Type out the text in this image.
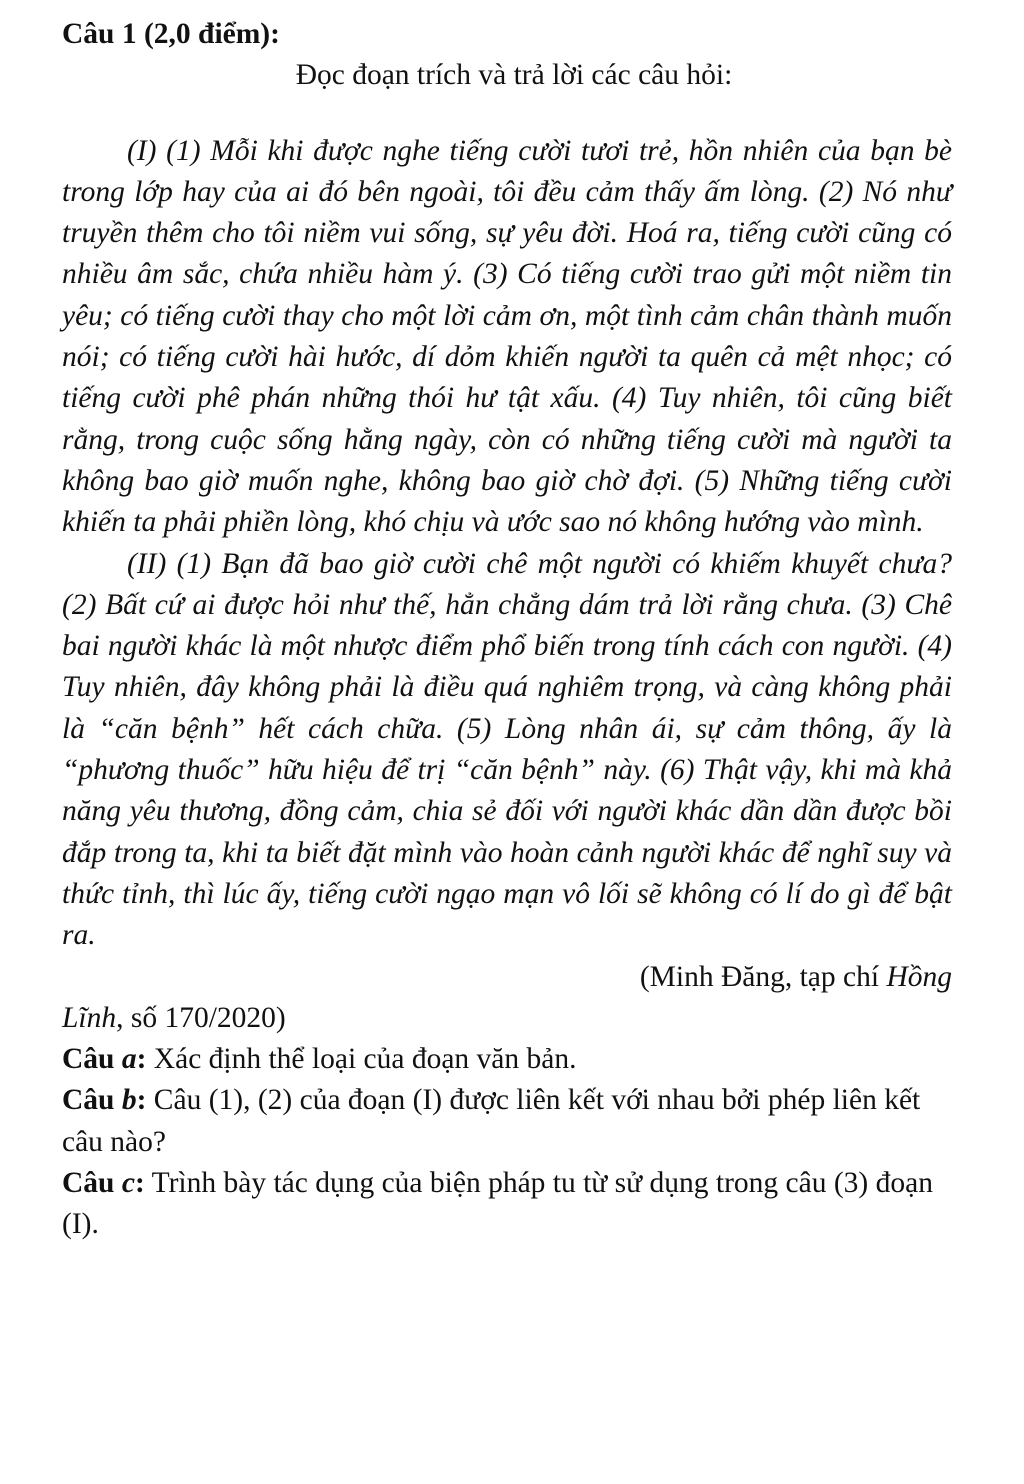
Câu 1 (2,0 điểm):

Đọc đoạn trích và trả lời các câu hỏi:

(I) (1) Mỗi khi được nghe tiếng cười tươi trẻ, hồn nhiên của bạn bè trong lớp hay của ai đó bên ngoài, tôi đều cảm thấy ấm lòng. (2) Nó như truyền thêm cho tôi niềm vui sống, sự yêu đời. Hoá ra, tiếng cười cũng có nhiều âm sắc, chứa nhiều hàm ý. (3) Có tiếng cười trao gửi một niềm tin yêu; có tiếng cười thay cho một lời cảm ơn, một tình cảm chân thành muốn nói; có tiếng cười hài hước, dí dỏm khiến người ta quên cả mệt nhọc; có tiếng cười phê phán những thói hư tật xấu. (4) Tuy nhiên, tôi cũng biết rằng, trong cuộc sống hằng ngày, còn có những tiếng cười mà người ta không bao giờ muốn nghe, không bao giờ chờ đợi. (5) Những tiếng cười khiến ta phải phiền lòng, khó chịu và ước sao nó không hướng vào mình.

(II) (1) Bạn đã bao giờ cười chê một người có khiếm khuyết chưa? (2) Bất cứ ai được hỏi như thế, hẳn chẳng dám trả lời rằng chưa. (3) Chê bai người khác là một nhược điểm phổ biến trong tính cách con người. (4) Tuy nhiên, đây không phải là điều quá nghiêm trọng, và càng không phải là “căn bệnh” hết cách chữa. (5) Lòng nhân ái, sự cảm thông, ấy là “phương thuốc” hữu hiệu để trị “căn bệnh” này. (6) Thật vậy, khi mà khả năng yêu thương, đồng cảm, chia sẻ đối với người khác dần dần được bồi đắp trong ta, khi ta biết đặt mình vào hoàn cảnh người khác để nghĩ suy và thức tỉnh, thì lúc ấy, tiếng cười ngạo mạn vô lối sẽ không có lí do gì để bật ra.

(Minh Đăng, tạp chí Hồng
Lĩnh, số 170/2020)

Câu a: Xác định thể loại của đoạn văn bản.

Câu b: Câu (1), (2) của đoạn (I) được liên kết với nhau bởi phép liên kết câu nào?

Câu c: Trình bày tác dụng của biện pháp tu từ sử dụng trong câu (3) đoạn (I).
